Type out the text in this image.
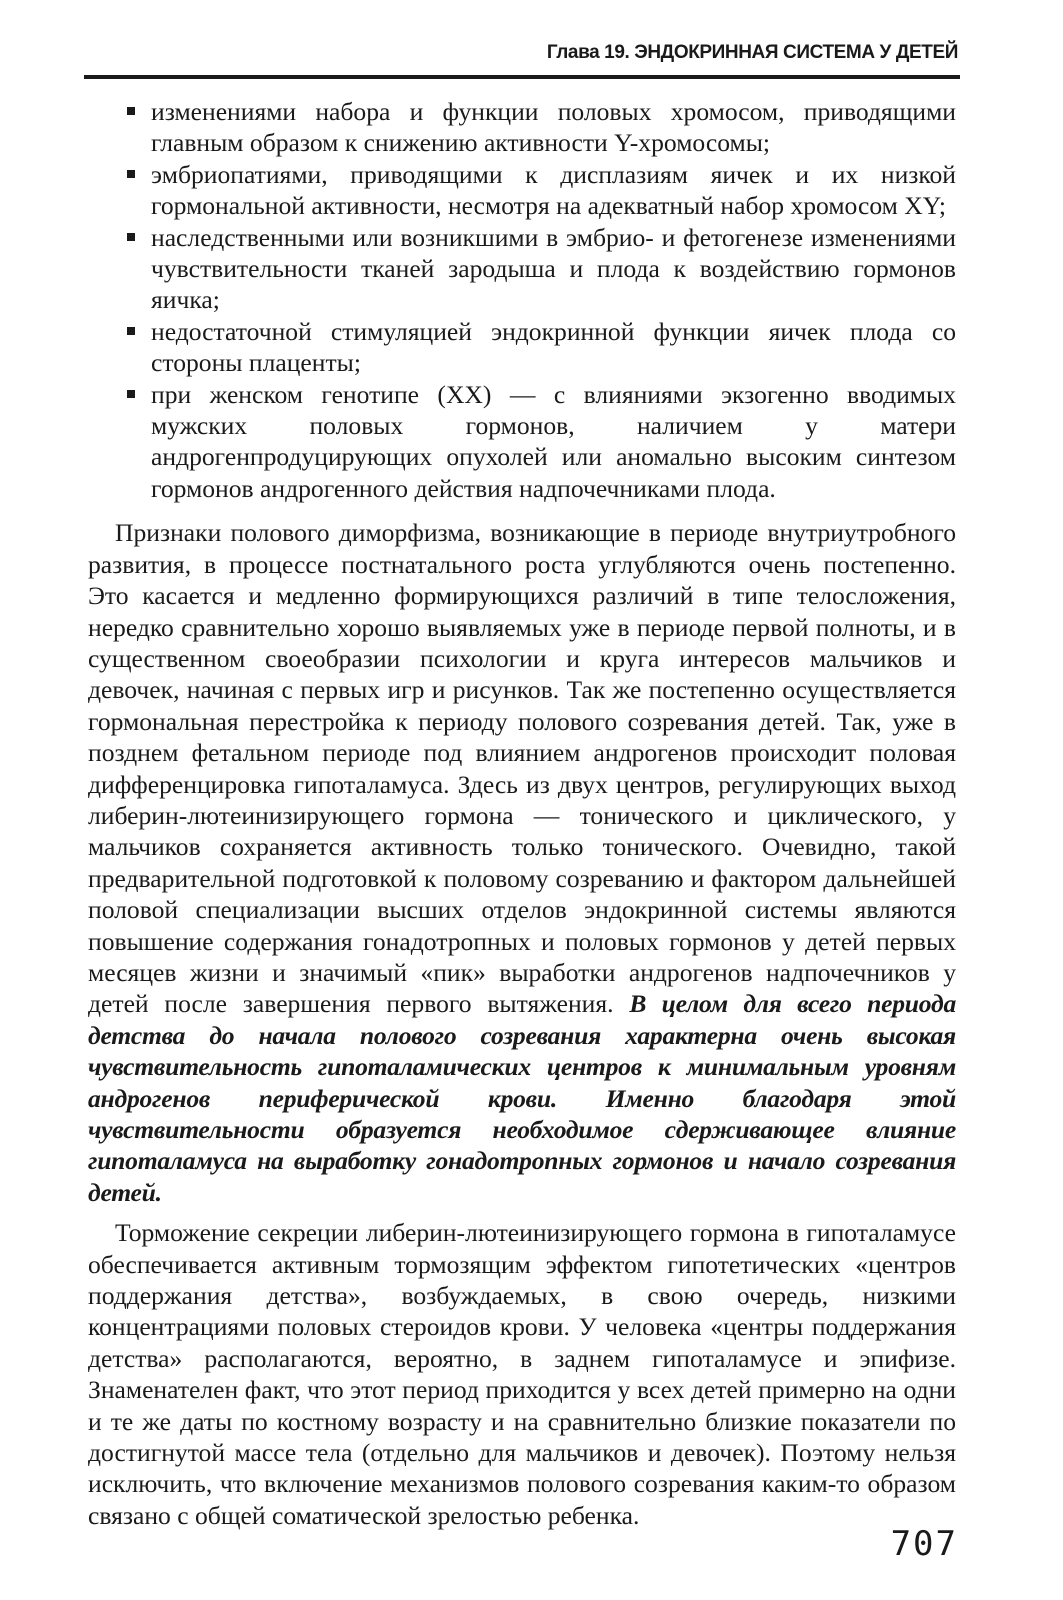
Глава 19. ЭНДОКРИННАЯ СИСТЕМА У ДЕТЕЙ
изменениями набора и функции половых хромосом, приводящими главным образом к снижению активности Y-хромосомы;
эмбриопатиями, приводящими к дисплазиям яичек и их низкой гормональной активности, несмотря на адекватный набор хромосом XY;
наследственными или возникшими в эмбрио- и фетогенезе изменениями чувствительности тканей зародыша и плода к воздействию гормонов яичка;
недостаточной стимуляцией эндокринной функции яичек плода со стороны плаценты;
при женском генотипе (XX) — с влияниями экзогенно вводимых мужских половых гормонов, наличием у матери андрогенпродуцирующих опухолей или аномально высоким синтезом гормонов андрогенного действия надпочечниками плода.

Признаки полового диморфизма, возникающие в периоде внутриутробного развития, в процессе постнатального роста углубляются очень постепенно. Это касается и медленно формирующихся различий в типе телосложения, нередко сравнительно хорошо выявляемых уже в периоде первой полноты, и в существенном своеобразии психологии и круга интересов мальчиков и девочек, начиная с первых игр и рисунков. Так же постепенно осуществляется гормональная перестройка к периоду полового созревания детей. Так, уже в позднем фетальном периоде под влиянием андрогенов происходит половая дифференцировка гипоталамуса. Здесь из двух центров, регулирующих выход либерин-лютеинизирующего гормона — тонического и циклического, у мальчиков сохраняется активность только тонического. Очевидно, такой предварительной подготовкой к половому созреванию и фактором дальнейшей половой специализации высших отделов эндокринной системы являются повышение содержания гонадотропных и половых гормонов у детей первых месяцев жизни и значимый «пик» выработки андрогенов надпочечников у детей после завершения первого вытяжения. В целом для всего периода детства до начала полового созревания характерна очень высокая чувствительность гипоталамических центров к минимальным уровням андрогенов периферической крови. Именно благодаря этой чувствительности образуется необходимое сдерживающее влияние гипоталамуса на выработку гонадотропных гормонов и начало созревания детей.

Торможение секреции либерин-лютеинизирующего гормона в гипоталамусе обеспечивается активным тормозящим эффектом гипотетических «центров поддержания детства», возбуждаемых, в свою очередь, низкими концентрациями половых стероидов крови. У человека «центры поддержания детства» располагаются, вероятно, в заднем гипоталамусе и эпифизе. Знаменателен факт, что этот период приходится у всех детей примерно на одни и те же даты по костному возрасту и на сравнительно близкие показатели по достигнутой массе тела (отдельно для мальчиков и девочек). Поэтому нельзя исключить, что включение механизмов полового созревания каким-то образом связано с общей соматической зрелостью ребенка.

707
